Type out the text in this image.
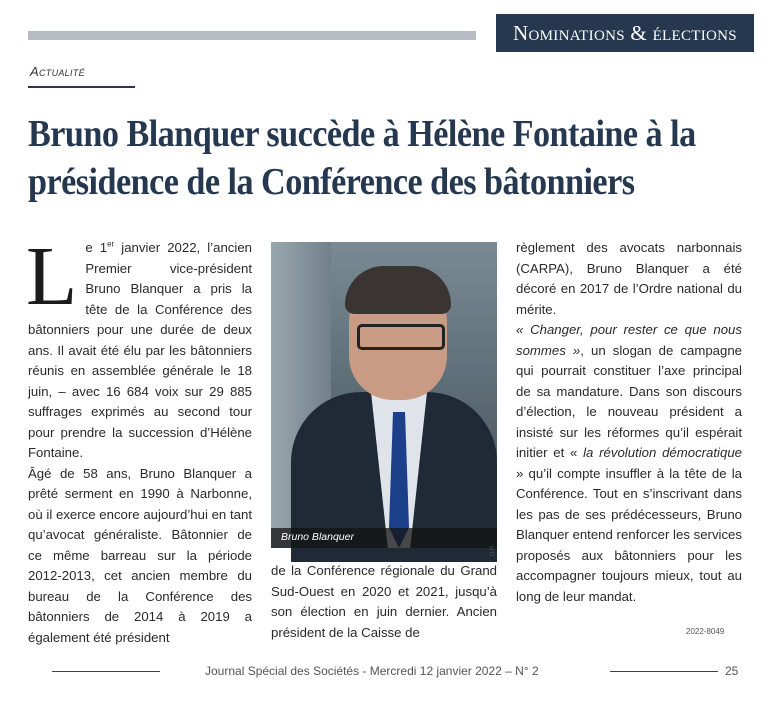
Nominations & élections
Actualité
Bruno Blanquer succède à Hélène Fontaine à la
présidence de la Conférence des bâtonniers

Le 1er janvier 2022, l’ancien Premier vice-président Bruno Blanquer a pris la tête de la Conférence des bâtonniers pour une durée de deux ans. Il avait été élu par les bâtonniers réunis en assemblée générale le 18 juin, – avec 16 684 voix sur 29 885 suffrages exprimés au second tour pour prendre la succession d’Hélène Fontaine.

Âgé de 58 ans, Bruno Blanquer a prêté serment en 1990 à Narbonne, où il exerce encore aujourd’hui en tant qu’avocat généraliste. Bâtonnier de ce même barreau sur la période 2012-2013, cet ancien membre du bureau de la Conférence des bâtonniers de 2014 à 2019 a également été président

Bruno Blanquer
D.R.

de la Conférence régionale du Grand Sud-Ouest en 2020 et 2021, jusqu’à son élection en juin dernier. Ancien président de la Caisse de

règlement des avocats narbonnais (CARPA), Bruno Blanquer a été décoré en 2017 de l’Ordre national du mérite.

« Changer, pour rester ce que nous sommes », un slogan de campagne qui pourrait constituer l’axe principal de sa mandature. Dans son discours d’élection, le nouveau président a insisté sur les réformes qu’il espérait initier et « la révolution démocratique » qu’il compte insuffler à la tête de la Conférence. Tout en s’inscrivant dans les pas de ses prédécesseurs, Bruno Blanquer entend renforcer les services proposés aux bâtonniers pour les accompagner toujours mieux, tout au long de leur mandat.

2022-8049
Journal Spécial des Sociétés - Mercredi 12 janvier 2022 – N° 2	25
